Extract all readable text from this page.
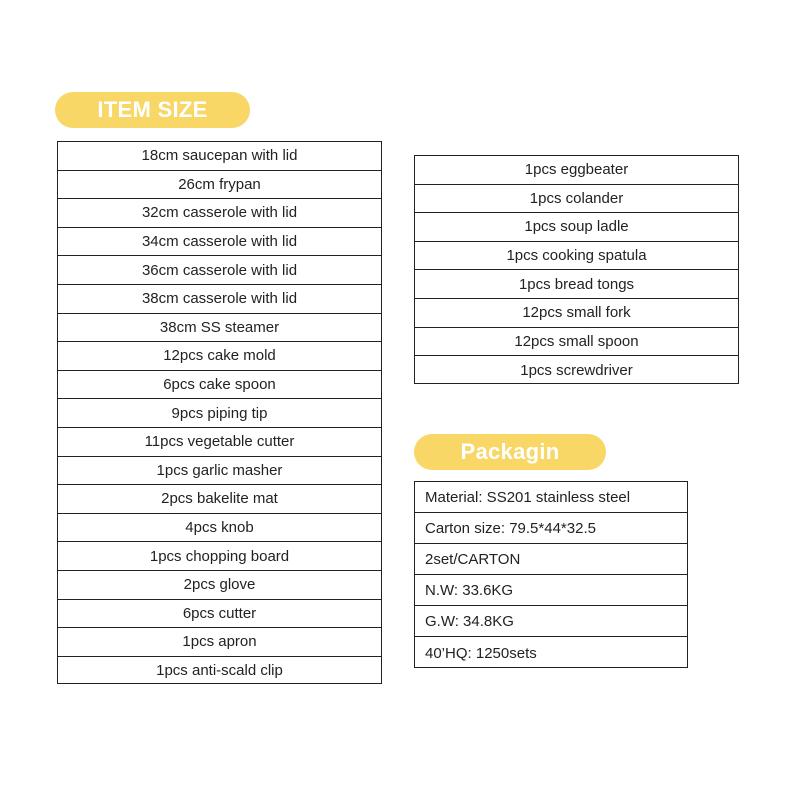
ITEM SIZE
18cm saucepan with lid
26cm frypan
32cm casserole with lid
34cm casserole with lid
36cm casserole with lid
38cm casserole with lid
38cm SS steamer
12pcs cake mold
6pcs cake spoon
9pcs piping tip
11pcs vegetable cutter
1pcs garlic masher
2pcs bakelite mat
4pcs knob
1pcs chopping board
2pcs glove
6pcs cutter
1pcs apron
1pcs anti-scald clip
1pcs eggbeater
1pcs colander
1pcs soup ladle
1pcs cooking spatula
1pcs bread tongs
12pcs small fork
12pcs small spoon
1pcs screwdriver
Packagin
Material: SS201 stainless steel
Carton size: 79.5*44*32.5
2set/CARTON
N.W: 33.6KG
G.W: 34.8KG
40’HQ: 1250sets
